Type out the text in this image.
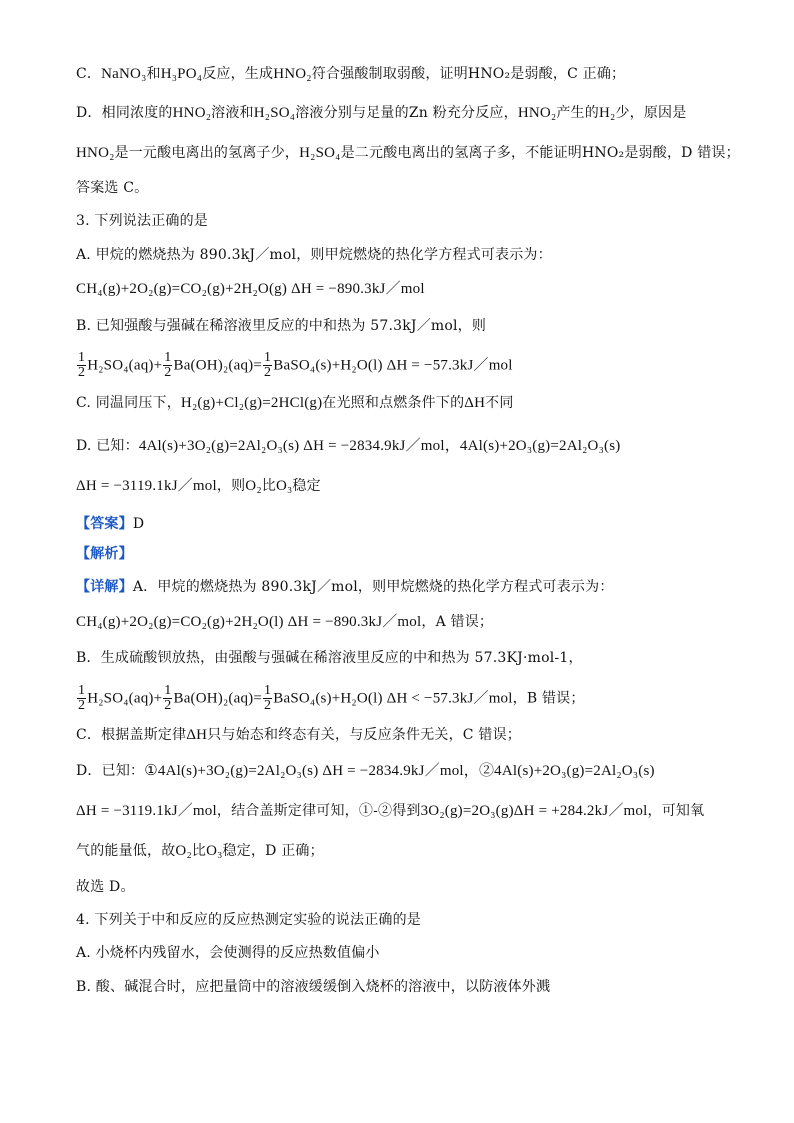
C．NaNO₃和H₃PO₄反应，生成HNO₂符合强酸制取弱酸，证明HNO₂是弱酸，C 正确；
D．相同浓度的HNO₂溶液和H₂SO₄溶液分别与足量的Zn 粉充分反应，HNO₂产生的H₂少，原因是
HNO₂是一元酸电离出的氢离子少，H₂SO₄是二元酸电离出的氢离子多，不能证明HNO₂是弱酸，D 错误；
答案选 C。
3. 下列说法正确的是
A. 甲烷的燃烧热为 890.3kJ／mol，则甲烷燃烧的热化学方程式可表示为：
CH₄(g)+2O₂(g)=CO₂(g)+2H₂O(g) ΔH = −890.3kJ／mol
B. 已知强酸与强碱在稀溶液里反应的中和热为 57.3kJ／mol，则
$\frac{1}{2} H_2SO_4(aq)+ \frac{1}{2} Ba(OH)_2(aq)= \frac{1}{2}$ BaSO₄(s)+H₂O(l) ΔH = −57.3kJ／mol
C. 同温同压下，H₂(g)+Cl₂(g)=2HCl(g)在光照和点燃条件下的ΔH不同
D. 已知：4Al(s)+3O₂(g)=2Al₂O₃(s) ΔH = −2834.9kJ／mol，4Al(s)+2O₃(g)=2Al₂O₃(s)
ΔH = −3119.1kJ／mol，则O₂比O₃稳定
【答案】D
【解析】
【详解】A．甲烷的燃烧热为 890.3kJ／mol，则甲烷燃烧的热化学方程式可表示为：
CH₄(g)+2O₂(g)=CO₂(g)+2H₂O(l) ΔH = −890.3kJ／mol，A 错误；
B．生成硫酸钡放热，由强酸与强碱在稀溶液里反应的中和热为 57.3KJ·mol-1，
$\frac{1}{2} H_2SO_4(aq)+ \frac{1}{2} Ba(OH)_2(aq)= \frac{1}{2}$ BaSO₄(s)+H₂O(l) ΔH < −57.3kJ／mol，B 错误；
C．根据盖斯定律ΔH只与始态和终态有关，与反应条件无关，C 错误；
D．已知：①4Al(s)+3O₂(g)=2Al₂O₃(s) ΔH = −2834.9kJ／mol，②4Al(s)+2O₃(g)=2Al₂O₃(s)
ΔH = −3119.1kJ／mol，结合盖斯定律可知，①-②得到3O₂(g)=2O₃(g)ΔH = +284.2kJ／mol，可知氧
气的能量低，故O₂比O₃稳定，D 正确；
故选 D。
4. 下列关于中和反应的反应热测定实验的说法正确的是
A. 小烧杯内残留水，会使测得的反应热数值偏小
B. 酸、碱混合时，应把量筒中的溶液缓缓倒入烧杯的溶液中，以防液体外溅
